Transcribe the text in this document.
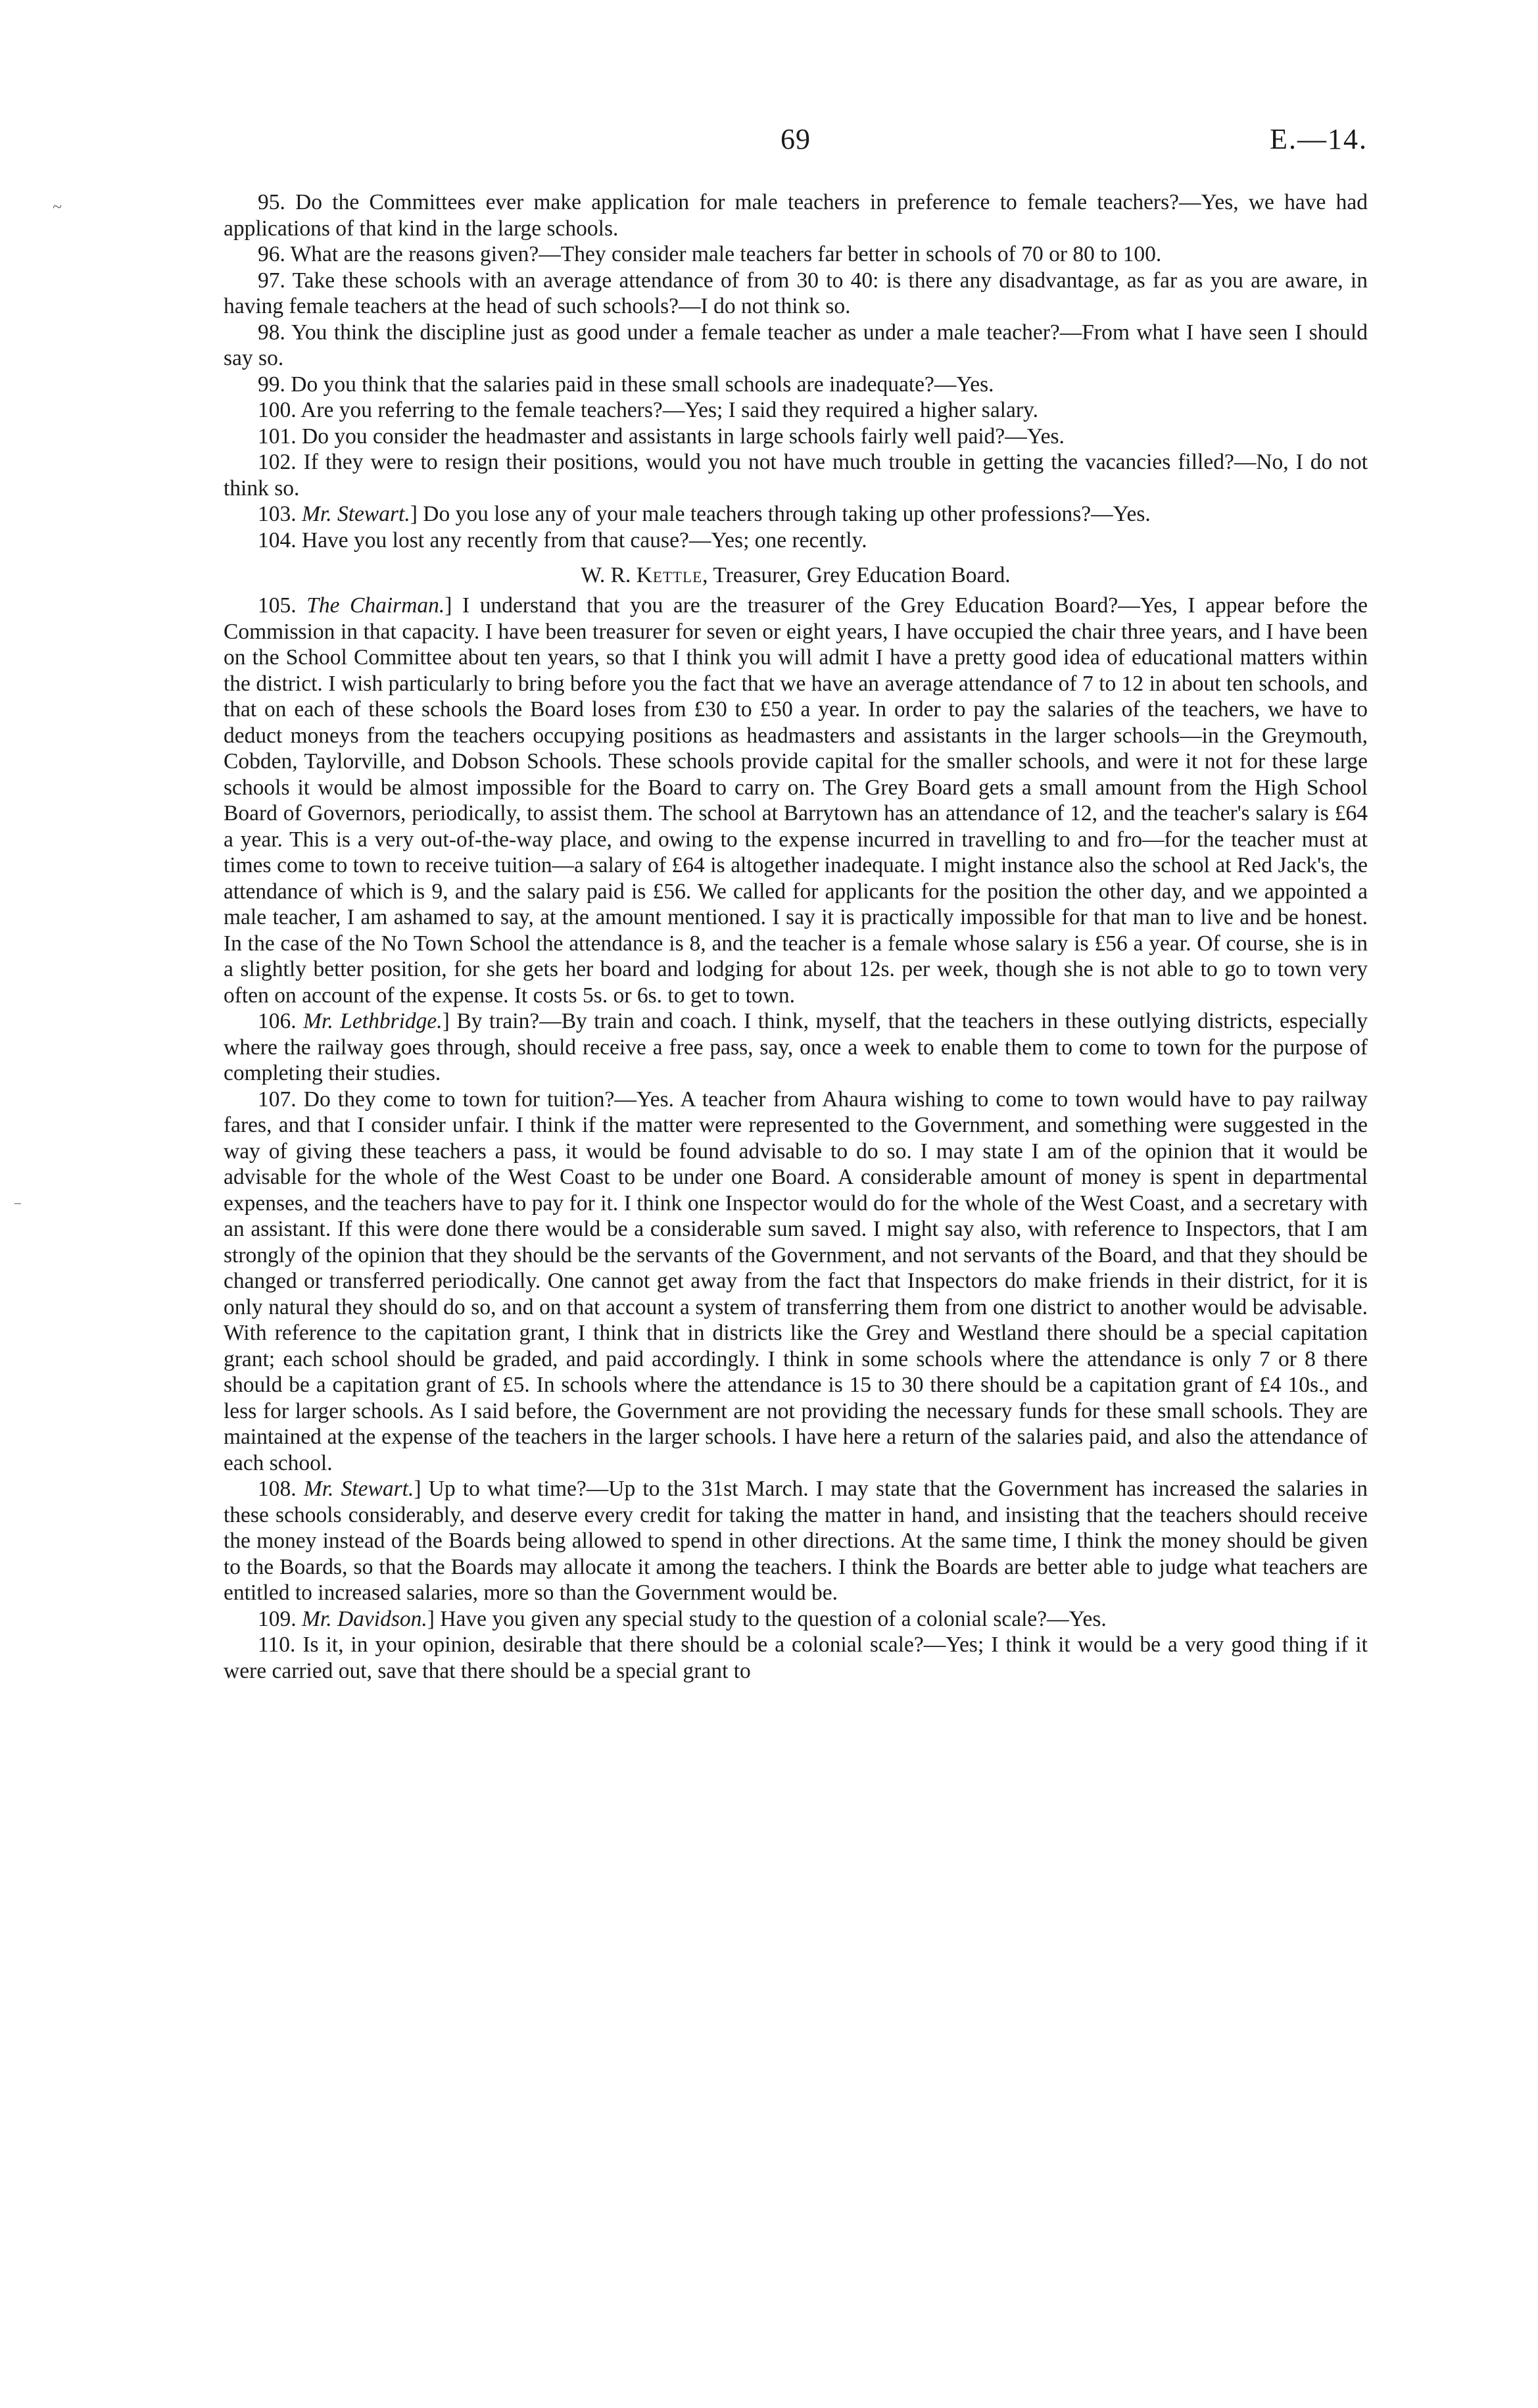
69	E.—14.

95. Do the Committees ever make application for male teachers in preference to female teachers?—Yes, we have had applications of that kind in the large schools.

96. What are the reasons given?—They consider male teachers far better in schools of 70 or 80 to 100.

97. Take these schools with an average attendance of from 30 to 40: is there any disadvantage, as far as you are aware, in having female teachers at the head of such schools?—I do not think so.

98. You think the discipline just as good under a female teacher as under a male teacher?—From what I have seen I should say so.

99. Do you think that the salaries paid in these small schools are inadequate?—Yes.

100. Are you referring to the female teachers?—Yes; I said they required a higher salary.

101. Do you consider the headmaster and assistants in large schools fairly well paid?—Yes.

102. If they were to resign their positions, would you not have much trouble in getting the vacancies filled?—No, I do not think so.

103. Mr. Stewart.] Do you lose any of your male teachers through taking up other professions?—Yes.

104. Have you lost any recently from that cause?—Yes; one recently.

W. R. Kettle, Treasurer, Grey Education Board.

105. The Chairman.] I understand that you are the treasurer of the Grey Education Board?—Yes, I appear before the Commission in that capacity. I have been treasurer for seven or eight years, I have occupied the chair three years, and I have been on the School Committee about ten years, so that I think you will admit I have a pretty good idea of educational matters within the district. I wish particularly to bring before you the fact that we have an average attendance of 7 to 12 in about ten schools, and that on each of these schools the Board loses from £30 to £50 a year. In order to pay the salaries of the teachers, we have to deduct moneys from the teachers occupying positions as headmasters and assistants in the larger schools—in the Greymouth, Cobden, Taylorville, and Dobson Schools. These schools provide capital for the smaller schools, and were it not for these large schools it would be almost impossible for the Board to carry on. The Grey Board gets a small amount from the High School Board of Governors, periodically, to assist them. The school at Barrytown has an attendance of 12, and the teacher's salary is £64 a year. This is a very out-of-the-way place, and owing to the expense incurred in travelling to and fro—for the teacher must at times come to town to receive tuition—a salary of £64 is altogether inadequate. I might instance also the school at Red Jack's, the attendance of which is 9, and the salary paid is £56. We called for applicants for the position the other day, and we appointed a male teacher, I am ashamed to say, at the amount mentioned. I say it is practically impossible for that man to live and be honest. In the case of the No Town School the attendance is 8, and the teacher is a female whose salary is £56 a year. Of course, she is in a slightly better position, for she gets her board and lodging for about 12s. per week, though she is not able to go to town very often on account of the expense. It costs 5s. or 6s. to get to town.

106. Mr. Lethbridge.] By train?—By train and coach. I think, myself, that the teachers in these outlying districts, especially where the railway goes through, should receive a free pass, say, once a week to enable them to come to town for the purpose of completing their studies.

107. Do they come to town for tuition?—Yes. A teacher from Ahaura wishing to come to town would have to pay railway fares, and that I consider unfair. I think if the matter were represented to the Government, and something were suggested in the way of giving these teachers a pass, it would be found advisable to do so. I may state I am of the opinion that it would be advisable for the whole of the West Coast to be under one Board. A considerable amount of money is spent in departmental expenses, and the teachers have to pay for it. I think one Inspector would do for the whole of the West Coast, and a secretary with an assistant. If this were done there would be a considerable sum saved. I might say also, with reference to Inspectors, that I am strongly of the opinion that they should be the servants of the Government, and not servants of the Board, and that they should be changed or transferred periodically. One cannot get away from the fact that Inspectors do make friends in their district, for it is only natural they should do so, and on that account a system of transferring them from one district to another would be advisable. With reference to the capitation grant, I think that in districts like the Grey and Westland there should be a special capitation grant; each school should be graded, and paid accordingly. I think in some schools where the attendance is only 7 or 8 there should be a capitation grant of £5. In schools where the attendance is 15 to 30 there should be a capitation grant of £4 10s., and less for larger schools. As I said before, the Government are not providing the necessary funds for these small schools. They are maintained at the expense of the teachers in the larger schools. I have here a return of the salaries paid, and also the attendance of each school.

108. Mr. Stewart.] Up to what time?—Up to the 31st March. I may state that the Government has increased the salaries in these schools considerably, and deserve every credit for taking the matter in hand, and insisting that the teachers should receive the money instead of the Boards being allowed to spend in other directions. At the same time, I think the money should be given to the Boards, so that the Boards may allocate it among the teachers. I think the Boards are better able to judge what teachers are entitled to increased salaries, more so than the Government would be.

109. Mr. Davidson.] Have you given any special study to the question of a colonial scale?—Yes.

110. Is it, in your opinion, desirable that there should be a colonial scale?—Yes; I think it would be a very good thing if it were carried out, save that there should be a special grant to

~
⁻
